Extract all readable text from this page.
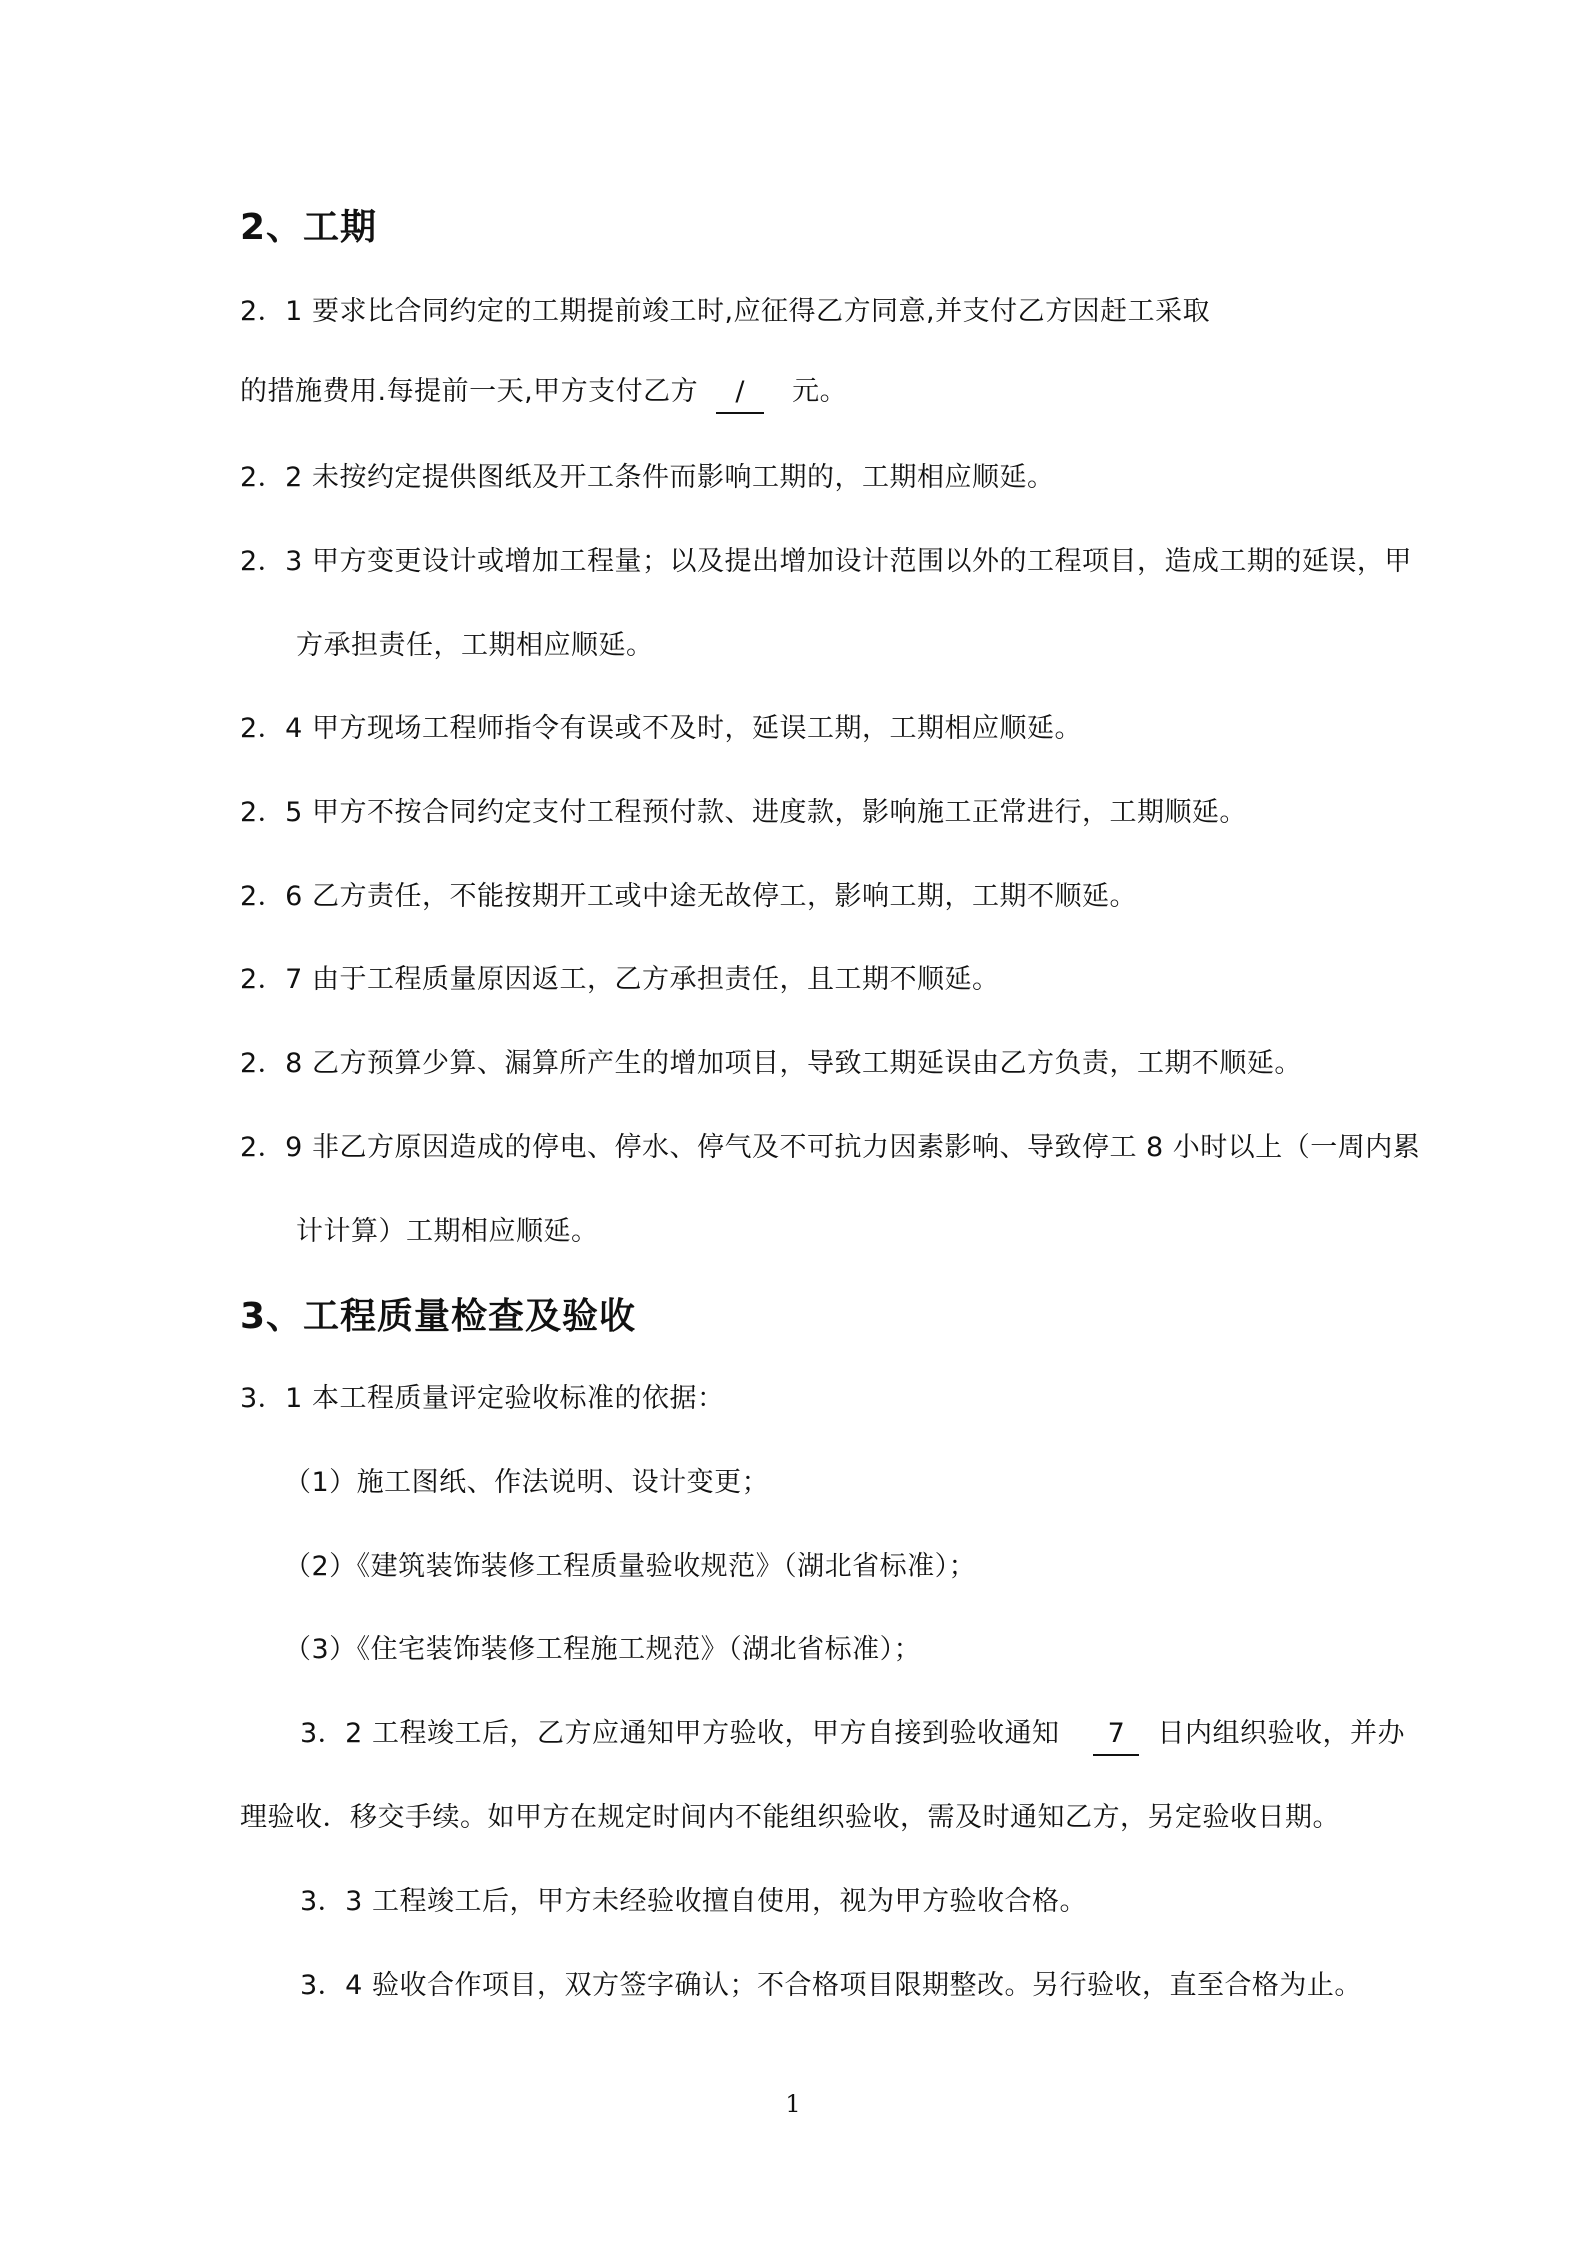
2、工期
2．1 要求比合同约定的工期提前竣工时,应征得乙方同意,并支付乙方因赶工采取
的措施费用.每提前一天,甲方支付乙方 / 元。
2．2 未按约定提供图纸及开工条件而影响工期的，工期相应顺延。
2．3 甲方变更设计或增加工程量；以及提出增加设计范围以外的工程项目，造成工期的延误，甲
方承担责任，工期相应顺延。
2．4 甲方现场工程师指令有误或不及时，延误工期，工期相应顺延。
2．5 甲方不按合同约定支付工程预付款、进度款，影响施工正常进行，工期顺延。
2．6 乙方责任，不能按期开工或中途无故停工，影响工期，工期不顺延。
2．7 由于工程质量原因返工，乙方承担责任，且工期不顺延。
2．8 乙方预算少算、漏算所产生的增加项目，导致工期延误由乙方负责，工期不顺延。
2．9 非乙方原因造成的停电、停水、停气及不可抗力因素影响、导致停工 8 小时以上（一周内累
计计算）工期相应顺延。
3、工程质量检查及验收
3．1 本工程质量评定验收标准的依据：
（1）施工图纸、作法说明、设计变更；
（2）《建筑装饰装修工程质量验收规范》（湖北省标准）；
（3）《住宅装饰装修工程施工规范》（湖北省标准）；
3．2 工程竣工后，乙方应通知甲方验收，甲方自接到验收通知 7 日内组织验收，并办
理验收．移交手续。如甲方在规定时间内不能组织验收，需及时通知乙方，另定验收日期。
3．3 工程竣工后，甲方未经验收擅自使用，视为甲方验收合格。
3．4 验收合作项目，双方签字确认；不合格项目限期整改。另行验收，直至合格为止。
1
